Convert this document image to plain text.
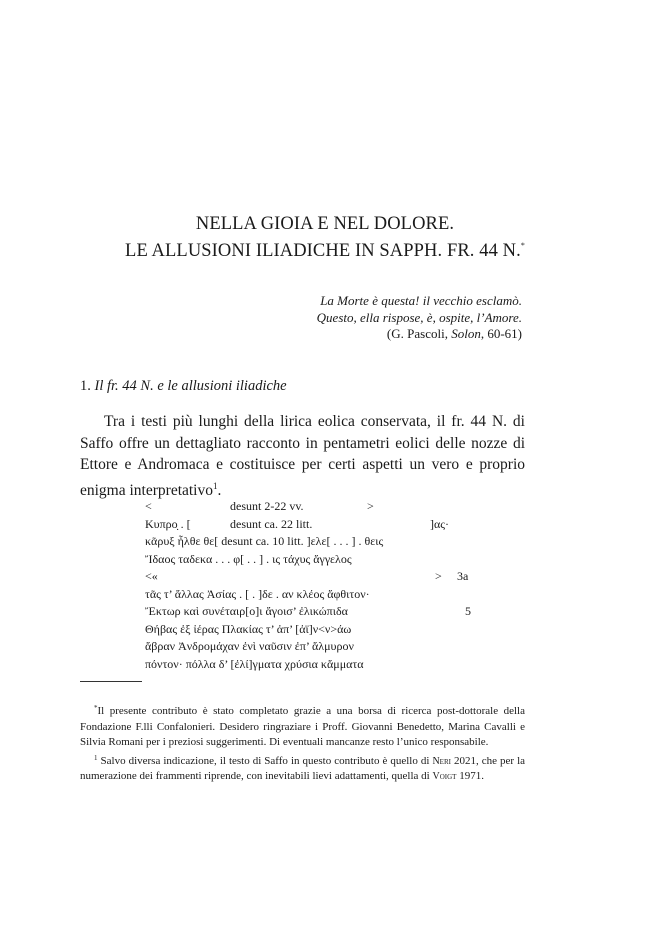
NELLA GIOIA E NEL DOLORE.
LE ALLUSIONI ILIADICHE IN SAPPH. FR. 44 N.*
La Morte è questa! il vecchio esclamò.
Questo, ella rispose, è, ospite, l’Amore.
(G. Pascoli, Solon, 60-61)
1. Il fr. 44 N. e le allusioni iliadiche
Tra i testi più lunghi della lirica eolica conservata, il fr. 44 N. di Saffo offre un dettagliato racconto in pentametri eolici delle nozze di Ettore e Andromaca e costituisce per certi aspetti un vero e proprio enigma interpretativo$^1$.
<	desunt 2-22 vv.	>
Κυπρο̣ . [	desunt ca. 22 litt.	]ας·
κᾶρυξ ἦλθε θε[ desunt ca. 10 litt. ]ελε[ . . . ] . θεις
Ἴδαος ταδεκα . . . φ[ . . ] . ις τάχυς ἄγγελος
<«	> 3a
τᾶς τ’ ἄλλας Ἀσίας . [ . ]δε . αν κλέος ἄφθιτον·
Ἔκτωρ καὶ συνέταιρ[ο]ι ἄγοισ’ ἐλικώπιδα	5
Θήβας ἐξ ἰέρας Πλακίας τ’ ἀπ’ [ἀϊ]ν<ν>άω
ἄβραν Ἀνδρομάχαν ἐνὶ ναῦσιν ἐπ’ ἄλμυρον
πόντον· πόλλα δ’ [ἐλί]γματα χρύσια κἄμματα

*Il presente contributo è stato completato grazie a una borsa di ricerca post-dottorale della Fondazione F.lli Confalonieri. Desidero ringraziare i Proff. Giovanni Benedetto, Marina Cavalli e Silvia Romani per i preziosi suggerimenti. Di eventuali mancanze resto l’unico responsabile.

$^1$ Salvo diversa indicazione, il testo di Saffo in questo contributo è quello di Neri 2021, che per la numerazione dei frammenti riprende, con inevitabili lievi adattamenti, quella di Voigt 1971.
